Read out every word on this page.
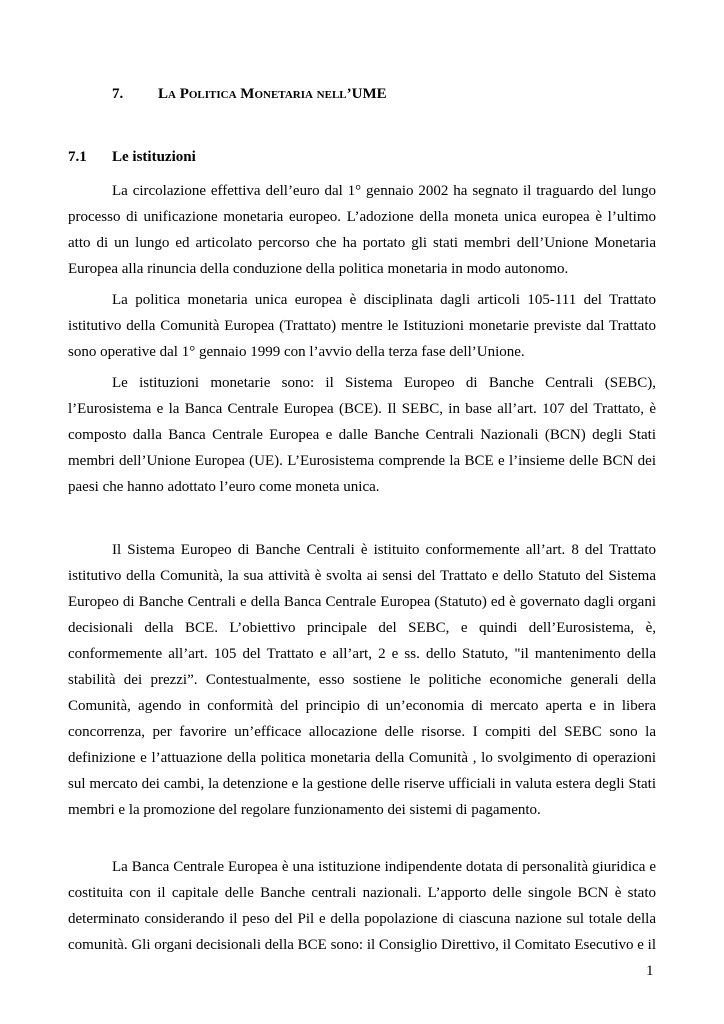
7. La Politica Monetaria nell’UME
7.1 Le istituzioni

La circolazione effettiva dell’euro dal 1° gennaio 2002 ha segnato il traguardo del lungo processo di unificazione monetaria europeo. L’adozione della moneta unica europea è l’ultimo atto di un lungo ed articolato percorso che ha portato gli stati membri dell’Unione Monetaria Europea alla rinuncia della conduzione della politica monetaria in modo autonomo.

La politica monetaria unica europea è disciplinata dagli articoli 105-111 del Trattato istitutivo della Comunità Europea (Trattato) mentre le Istituzioni monetarie previste dal Trattato sono operative dal 1° gennaio 1999 con l’avvio della terza fase dell’Unione.

Le istituzioni monetarie sono: il Sistema Europeo di Banche Centrali (SEBC), l’Eurosistema e la Banca Centrale Europea (BCE). Il SEBC, in base all’art. 107 del Trattato, è composto dalla Banca Centrale Europea e dalle Banche Centrali Nazionali (BCN) degli Stati membri dell’Unione Europea (UE). L’Eurosistema comprende la BCE e l’insieme delle BCN dei paesi che hanno adottato l’euro come moneta unica.

Il Sistema Europeo di Banche Centrali è istituito conformemente all’art. 8 del Trattato istitutivo della Comunità, la sua attività è svolta ai sensi del Trattato e dello Statuto del Sistema Europeo di Banche Centrali e della Banca Centrale Europea (Statuto) ed è governato dagli organi decisionali della BCE. L’obiettivo principale del SEBC, e quindi dell’Eurosistema, è, conformemente all’art. 105 del Trattato e all’art, 2 e ss. dello Statuto, "il mantenimento della stabilità dei prezzi”. Contestualmente, esso sostiene le politiche economiche generali della Comunità, agendo in conformità del principio di un’economia di mercato aperta e in libera concorrenza, per favorire un’efficace allocazione delle risorse. I compiti del SEBC sono la definizione e l’attuazione della politica monetaria della Comunità , lo svolgimento di operazioni sul mercato dei cambi, la detenzione e la gestione delle riserve ufficiali in valuta estera degli Stati membri e la promozione del regolare funzionamento dei sistemi di pagamento.

La Banca Centrale Europea è una istituzione indipendente dotata di personalità giuridica e costituita con il capitale delle Banche centrali nazionali. L’apporto delle singole BCN è stato determinato considerando il peso del Pil e della popolazione di ciascuna nazione sul totale della comunità. Gli organi decisionali della BCE sono: il Consiglio Direttivo, il Comitato Esecutivo e il

1
